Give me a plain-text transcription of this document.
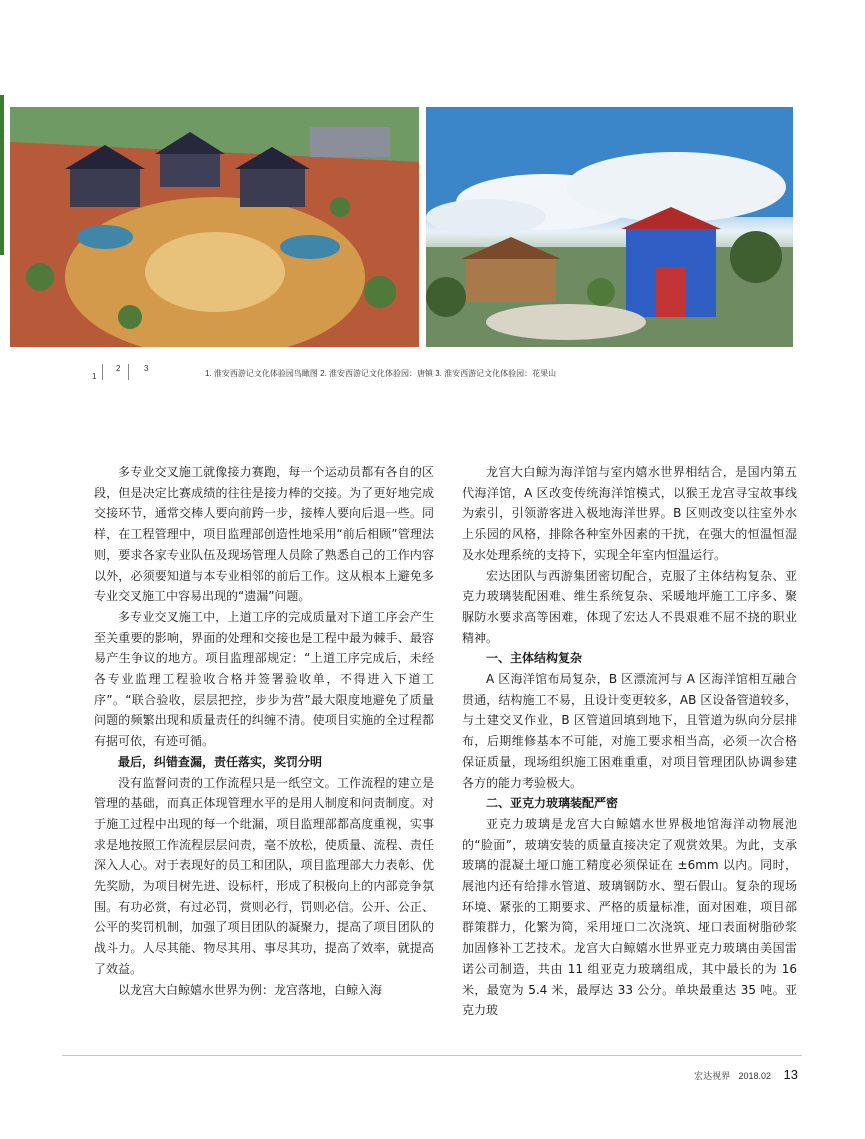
1
2	3
1. 淮安西游记文化体验园鸟瞰图 2. 淮安西游记文化体验园：唐镇 3. 淮安西游记文化体验园：花果山

多专业交叉施工就像接力赛跑，每一个运动员都有各自的区段，但是决定比赛成绩的往往是接力棒的交接。为了更好地完成交接环节，通常交棒人要向前跨一步，接棒人要向后退一些。同样，在工程管理中，项目监理部创造性地采用“前后相顾”管理法则，要求各家专业队伍及现场管理人员除了熟悉自己的工作内容以外，必须要知道与本专业相邻的前后工作。这从根本上避免多专业交叉施工中容易出现的“遗漏”问题。

多专业交叉施工中，上道工序的完成质量对下道工序会产生至关重要的影响，界面的处理和交接也是工程中最为棘手、最容易产生争议的地方。项目监理部规定：“上道工序完成后，未经各专业监理工程验收合格并签署验收单，不得进入下道工序”。“联合验收，层层把控，步步为营”最大限度地避免了质量问题的频繁出现和质量责任的纠缠不清。使项目实施的全过程都有据可依，有迹可循。

最后，纠错查漏，责任落实，奖罚分明

没有监督问责的工作流程只是一纸空文。工作流程的建立是管理的基础，而真正体现管理水平的是用人制度和问责制度。对于施工过程中出现的每一个纰漏，项目监理部都高度重视，实事求是地按照工作流程层层问责，毫不放松，使质量、流程、责任深入人心。对于表现好的员工和团队，项目监理部大力表彰、优先奖励，为项目树先进、设标杆，形成了积极向上的内部竞争氛围。有功必赏，有过必罚，赏则必行，罚则必信。公开、公正、公平的奖罚机制，加强了项目团队的凝聚力，提高了项目团队的战斗力。人尽其能、物尽其用、事尽其功，提高了效率，就提高了效益。

以龙宫大白鲸嬉水世界为例：龙宫落地，白鲸入海

龙宫大白鲸为海洋馆与室内嬉水世界相结合，是国内第五代海洋馆，A 区改变传统海洋馆模式，以猴王龙宫寻宝故事线为索引，引领游客进入极地海洋世界。B 区则改变以往室外水上乐园的风格，排除各种室外因素的干扰，在强大的恒温恒湿及水处理系统的支持下，实现全年室内恒温运行。

宏达团队与西游集团密切配合，克服了主体结构复杂、亚克力玻璃装配困难、维生系统复杂、采暖地坪施工工序多、聚脲防水要求高等困难，体现了宏达人不畏艰难不屈不挠的职业精神。

一、主体结构复杂

A 区海洋馆布局复杂，B 区漂流河与 A 区海洋馆相互融合贯通，结构施工不易，且设计变更较多，AB 区设备管道较多，与土建交叉作业，B 区管道回填到地下，且管道为纵向分层排布，后期维修基本不可能，对施工要求相当高，必须一次合格保证质量，现场组织施工困难重重，对项目管理团队协调参建各方的能力考验极大。

二、亚克力玻璃装配严密

亚克力玻璃是龙宫大白鲸嬉水世界极地馆海洋动物展池的“脸面”，玻璃安装的质量直接决定了观赏效果。为此，支承玻璃的混凝土垭口施工精度必须保证在 ±6mm 以内。同时，展池内还有给排水管道、玻璃钢防水、塑石假山。复杂的现场环境、紧张的工期要求、严格的质量标准，面对困难，项目部群策群力，化繁为简，采用垭口二次浇筑、垭口表面树脂砂浆加固修补工艺技术。龙宫大白鲸嬉水世界亚克力玻璃由美国雷诺公司制造，共由 11 组亚克力玻璃组成，其中最长的为 16 米，最宽为 5.4 米，最厚达 33 公分。单块最重达 35 吨。亚克力玻

宏达视界 2018.02 13
